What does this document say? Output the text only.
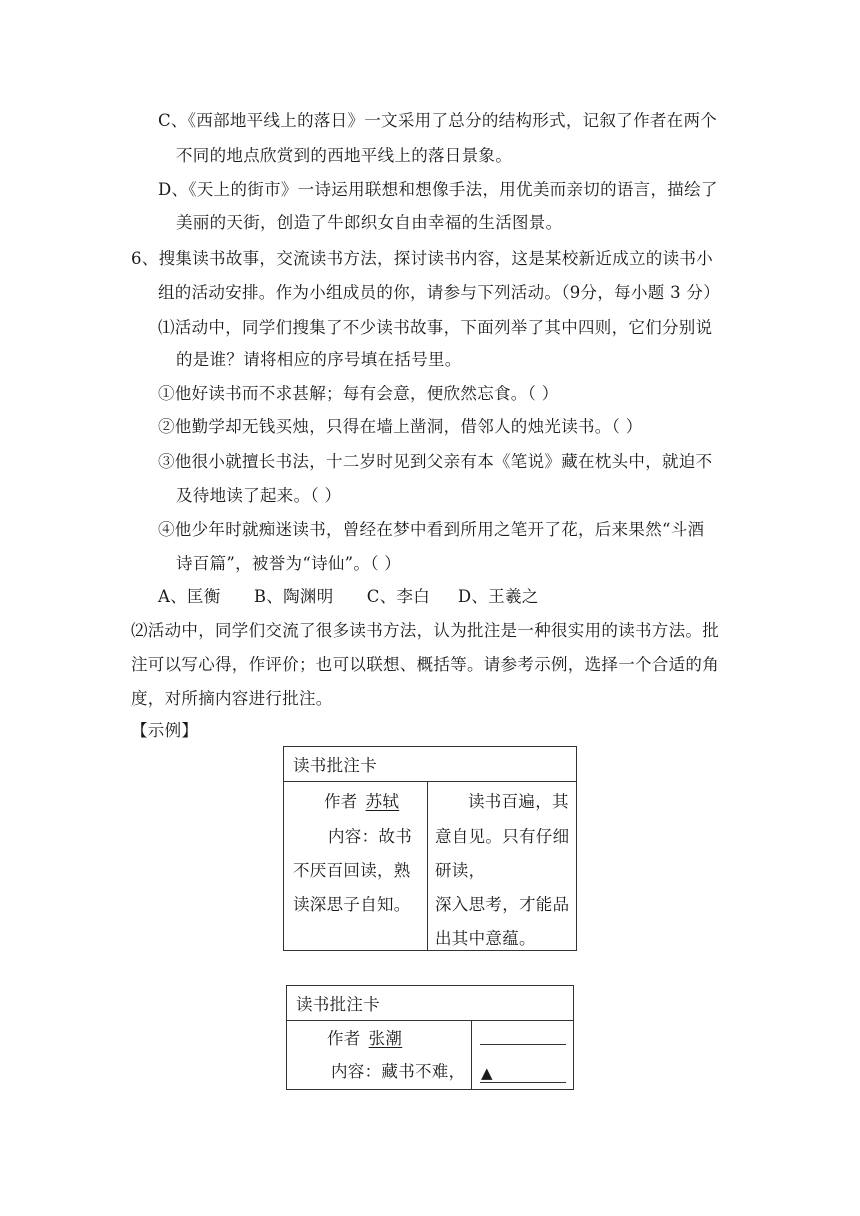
C、《西部地平线上的落日》一文采用了总分的结构形式，记叙了作者在两个
不同的地点欣赏到的西地平线上的落日景象。
D、《天上的街市》一诗运用联想和想像手法，用优美而亲切的语言，描绘了
美丽的天街，创造了牛郎织女自由幸福的生活图景。
6、搜集读书故事，交流读书方法，探讨读书内容，这是某校新近成立的读书小
组的活动安排。作为小组成员的你，请参与下列活动。（9分，每小题 3 分）
⑴活动中，同学们搜集了不少读书故事，下面列举了其中四则，它们分别说
的是谁？请将相应的序号填在括号里。
①他好读书而不求甚解；每有会意，便欣然忘食。（ ）
②他勤学却无钱买烛，只得在墙上凿洞，借邻人的烛光读书。（ ）
③他很小就擅长书法，十二岁时见到父亲有本《笔说》藏在枕头中，就迫不
及待地读了起来。（ ）
④他少年时就痴迷读书，曾经在梦中看到所用之笔开了花，后来果然“斗酒
诗百篇”，被誉为“诗仙”。（ ）
A、匡衡      B、陶渊明      C、李白     D、王羲之
⑵活动中，同学们交流了很多读书方法，认为批注是一种很实用的读书方法。批
注可以写心得，作评价；也可以联想、概括等。请参考示例，选择一个合适的角
度，对所摘内容进行批注。
【示例】
读书批注卡
作者 苏轼
内容：故书
不厌百回读，熟
读深思子自知。
读书百遍，其
意自见。只有仔细
研读，
深入思考，才能品
出其中意蕴。
读书批注卡
作者 张潮
内容：藏书不难， ▲
